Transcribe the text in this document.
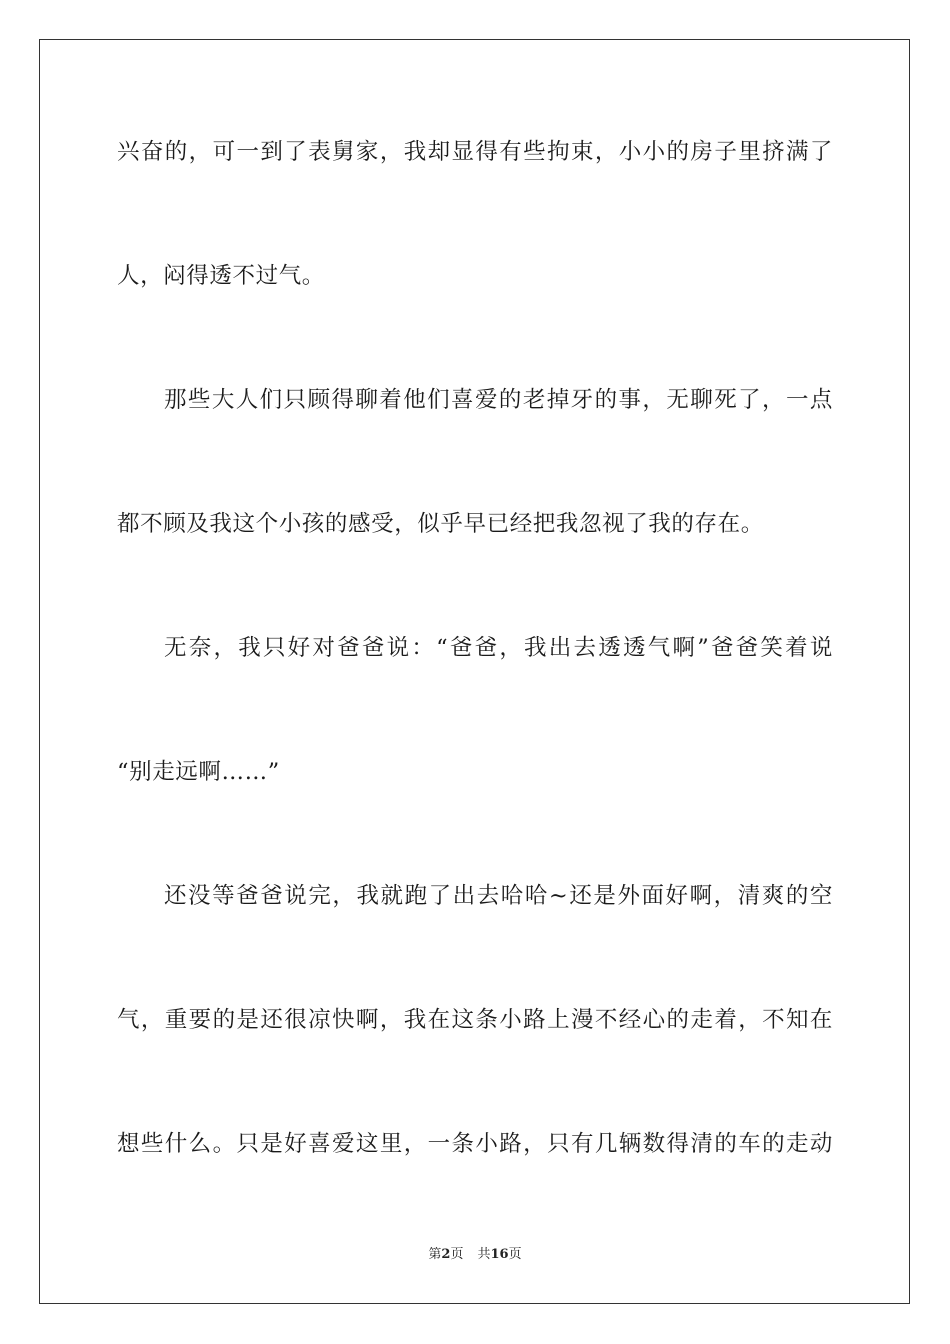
兴奋的，可一到了表舅家，我却显得有些拘束，小小的房子里挤满了
人，闷得透不过气。
那些大人们只顾得聊着他们喜爱的老掉牙的事，无聊死了，一点
都不顾及我这个小孩的感受，似乎早已经把我忽视了我的存在。
无奈，我只好对爸爸说：“爸爸，我出去透透气啊”爸爸笑着说
“别走远啊……”
还没等爸爸说完，我就跑了出去哈哈~还是外面好啊，清爽的空
气，重要的是还很凉快啊，我在这条小路上漫不经心的走着，不知在
想些什么。只是好喜爱这里，一条小路，只有几辆数得清的车的走动
第2页 共16页
